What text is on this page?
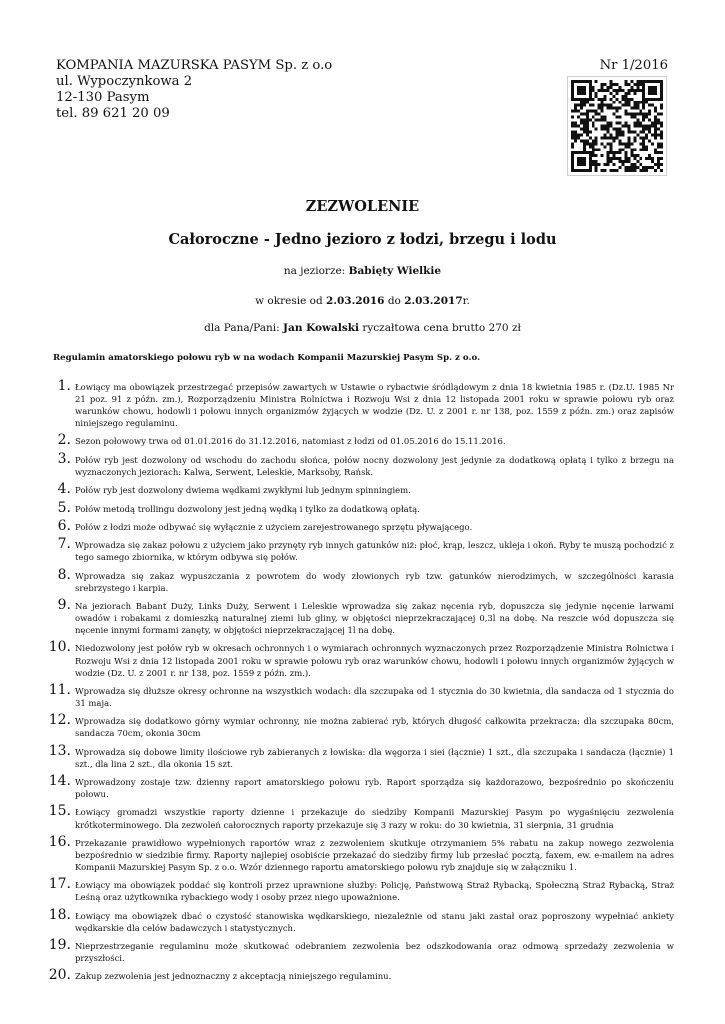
KOMPANIA MAZURSKA PASYM Sp. z o.o
ul. Wypoczynkowa 2
12-130 Pasym
tel. 89 621 20 09
Nr 1/2016
ZEZWOLENIE
Całoroczne - Jedno jezioro z łodzi, brzegu i lodu
na jeziorze: Babięty Wielkie
w okresie od 2.03.2016 do 2.03.2017r.
dla Pana/Pani: Jan Kowalski ryczałtowa cena brutto 270 zł
Regulamin amatorskiego połowu ryb w na wodach Kompanii Mazurskiej Pasym Sp. z o.o.
1. Łowiący ma obowiązek przestrzegać przepisów zawartych w Ustawie o rybactwie śródlądowym z dnia 18 kwietnia 1985 r. (Dz.U. 1985 Nr 21 poz. 91 z późn. zm.), Rozporządzeniu Ministra Rolnictwa i Rozwoju Wsi z dnia 12 listopada 2001 roku w sprawie połowu ryb oraz warunków chowu, hodowli i połowu innych organizmów żyjących w wodzie (Dz. U. z 2001 r. nr 138, poz. 1559 z późn. zm.) oraz zapisów niniejszego regulaminu.
2. Sezon połowowy trwa od 01.01.2016 do 31.12.2016, natomiast z łodzi od 01.05.2016 do 15.11.2016.
3. Połów ryb jest dozwolony od wschodu do zachodu słońca, połów nocny dozwolony jest jedynie za dodatkową opłatą i tylko z brzegu na wyznaczonych jeziorach: Kalwa, Serwent, Leleskie, Marksoby, Rańsk.
4. Połów ryb jest dozwolony dwiema wędkami zwykłymi lub jednym spinningiem.
5. Połów metodą trollingu dozwolony jest jedną wędką i tylko za dodatkową opłatą.
6. Połów z łodzi może odbywać się wyłącznie z użyciem zarejestrowanego sprzętu pływającego.
7. Wprowadza się zakaz połowu z użyciem jako przynęty ryb innych gatunków niż: płoć, krąp, leszcz, ukleja i okoń. Ryby te muszą pochodzić z tego samego zbiornika, w którym odbywa się połów.
8. Wprowadza się zakaz wypuszczania z powrotem do wody złowionych ryb tzw. gatunków nierodzimych, w szczególności karasia srebrzystego i karpia.
9. Na jeziorach Babant Duży, Links Duży, Serwent i Leleskie wprowadza się zakaz nęcenia ryb, dopuszcza się jedynie nęcenie larwami owadów i robakami z domieszką naturalnej ziemi lub gliny, w objętości nieprzekraczającej 0,3l na dobę. Na reszcie wód dopuszcza się nęcenie innymi formami zanęty, w objętości nieprzekraczającej 1l na dobę.
10. Niedozwolony jest połów ryb w okresach ochronnych i o wymiarach ochronnych wyznaczonych przez Rozporządzenie Ministra Rolnictwa i Rozwoju Wsi z dnia 12 listopada 2001 roku w sprawie połowu ryb oraz warunków chowu, hodowli i połowu innych organizmów żyjących w wodzie (Dz. U. z 2001 r. nr 138, poz. 1559 z późn. zm.).
11. Wprowadza się dłuższe okresy ochronne na wszystkich wodach: dla szczupaka od 1 stycznia do 30 kwietnia, dla sandacza od 1 stycznia do 31 maja.
12. Wprowadza się dodatkowo górny wymiar ochronny, nie można zabierać ryb, których długość całkowita przekracza: dla szczupaka 80cm, sandacza 70cm, okonia 30cm
13. Wprowadza się dobowe limity ilościowe ryb zabieranych z łowiska: dla węgorza i siei (łącznie) 1 szt., dla szczupaka i sandacza (łącznie) 1 szt., dla lina 2 szt., dla okonia 15 szt.
14. Wprowadzony zostaje tzw. dzienny raport amatorskiego połowu ryb. Raport sporządza się każdorazowo, bezpośrednio po skończeniu połowu.
15. Łowiący gromadzi wszystkie raporty dzienne i przekazuje do siedziby Kompanii Mazurskiej Pasym po wygaśnięciu zezwolenia krótkoterminowego. Dla zezwoleń całorocznych raporty przekazuje się 3 razy w roku: do 30 kwietnia, 31 sierpnia, 31 grudnia
16. Przekazanie prawidłowo wypełnionych raportów wraz z zezwoleniem skutkuje otrzymaniem 5% rabatu na zakup nowego zezwolenia bezpośrednio w siedzibie firmy. Raporty najlepiej osobiście przekazać do siedziby firmy lub przesłać pocztą, faxem, ew. e-mailem na adres Kompanii Mazurskiej Pasym Sp. z o.o. Wzór dziennego raportu amatorskiego połowu ryb znajduje się w załączniku 1.
17. Łowiący ma obowiązek poddać się kontroli przez uprawnione służby: Policję, Państwową Straż Rybacką, Społeczną Straż Rybacką, Straż Leśną oraz użytkownika rybackiego wody i osoby przez niego upoważnione.
18. Łowiący ma obowiązek dbać o czystość stanowiska wędkarskiego, niezależnie od stanu jaki zastał oraz poproszony wypełniać ankiety wędkarskie dla celów badawczych i statystycznych.
19. Nieprzestrzeganie regulaminu może skutkować odebraniem zezwolenia bez odszkodowania oraz odmową sprzedaży zezwolenia w przyszłości.
20. Zakup zezwolenia jest jednoznaczny z akceptacją niniejszego regulaminu.
